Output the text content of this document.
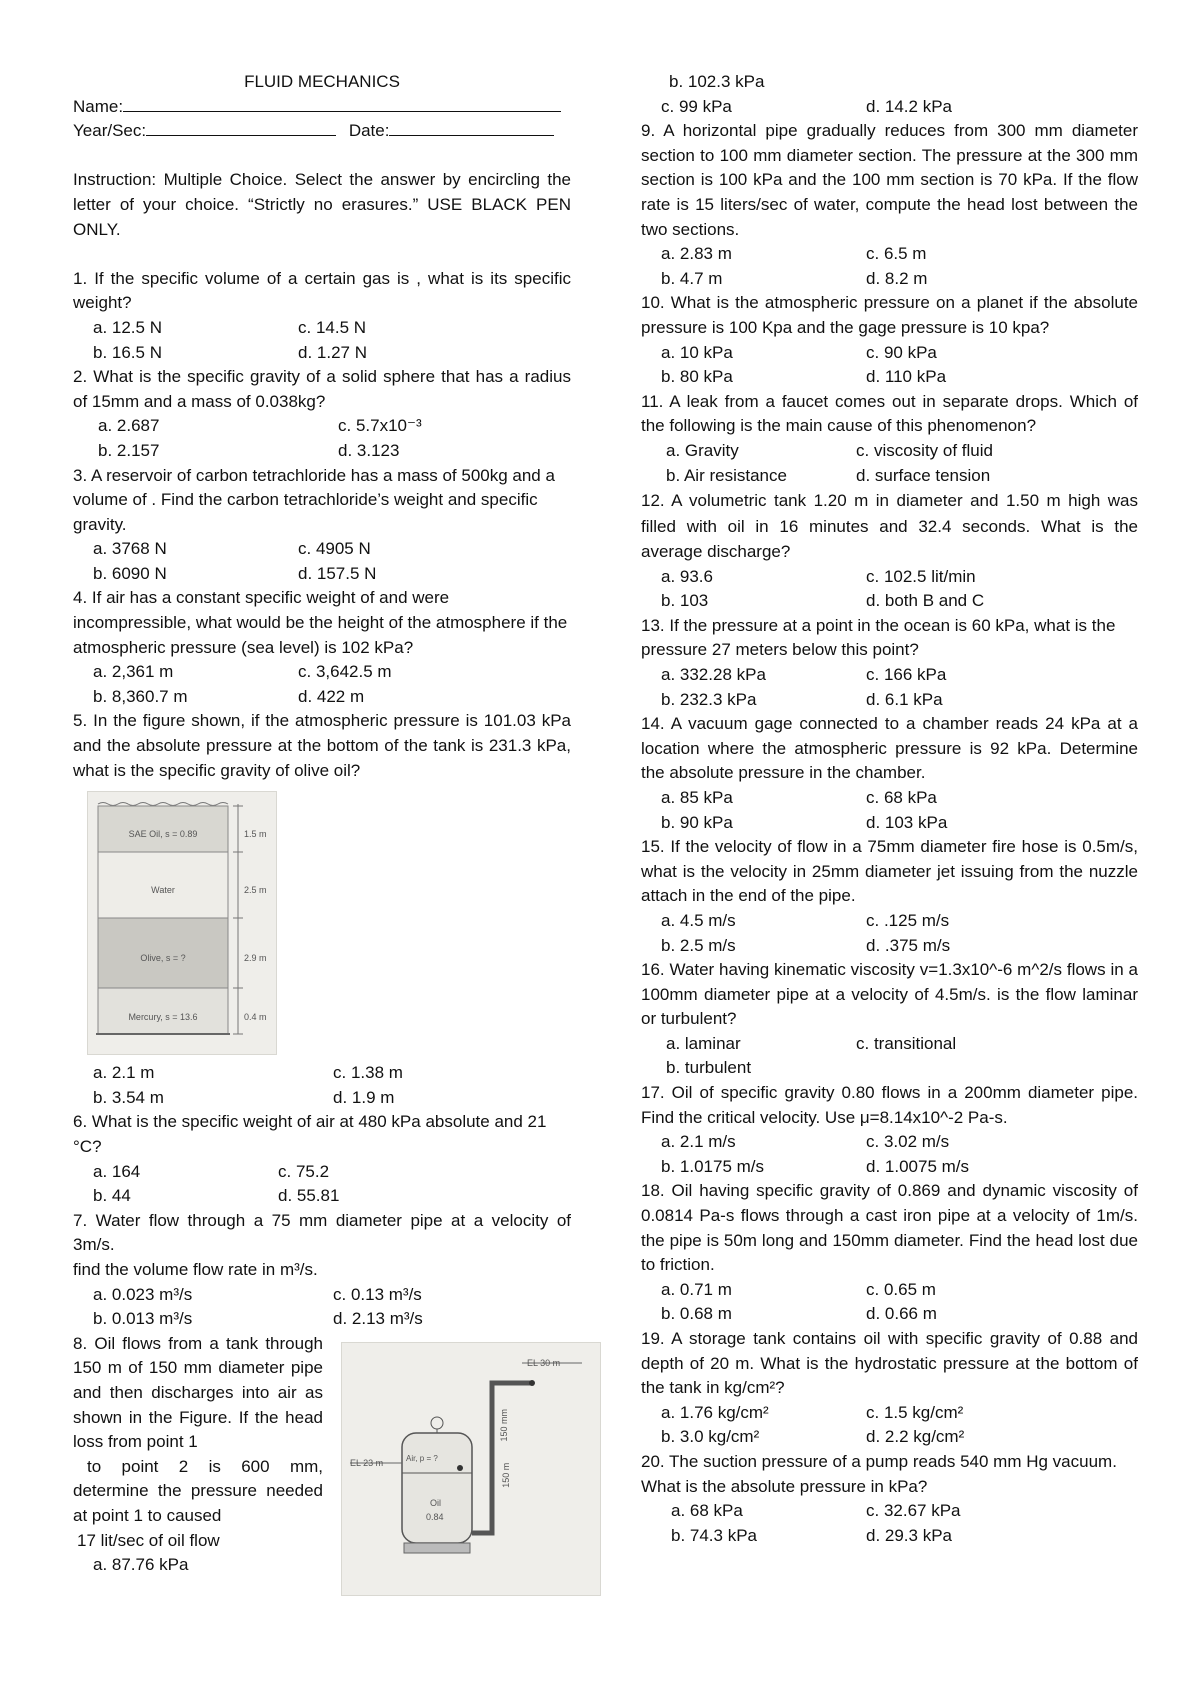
FLUID MECHANICS

Name:

Year/Sec:	Date:

Instruction: Multiple Choice. Select the answer by encircling the letter of your choice. “Strictly no erasures.” USE BLACK PEN ONLY.

1. If the specific volume of a certain gas is , what is its specific weight?

a. 12.5 N	c. 14.5 N
b. 16.5 N	d. 1.27 N

2. What is the specific gravity of a solid sphere that has a radius of 15mm and a mass of 0.038kg?

a. 2.687	c. 5.7x10⁻³
b. 2.157	d. 3.123

3. A reservoir of carbon tetrachloride has a mass of 500kg and a volume of . Find the carbon tetrachloride’s weight and specific gravity.

a. 3768 N	c. 4905 N
b. 6090 N	d. 157.5 N

4. If air has a constant specific weight of and were incompressible, what would be the height of the atmosphere if the atmospheric pressure (sea level) is 102 kPa?

a. 2,361 m	c. 3,642.5 m
b. 8,360.7 m	d. 422 m

5. In the figure shown, if the atmospheric pressure is 101.03 kPa and the absolute pressure at the bottom of the tank is 231.3 kPa, what is the specific gravity of olive oil?

SAE Oil, s = 0.89
Water
Olive, s = ?
Mercury, s = 13.6
1.5 m
2.5 m
2.9 m
0.4 m
a. 2.1 m	c. 1.38 m
b. 3.54 m	d. 1.9 m

6. What is the specific weight of air at 480 kPa absolute and 21 °C?

a. 164	c. 75.2
b. 44	d. 55.81

7. Water flow through a 75 mm diameter pipe at a velocity of 3m/s.

find the volume flow rate in m³/s.

a. 0.023 m³/s	c. 0.13 m³/s
b. 0.013 m³/s	d. 2.13 m³/s

8. Oil flows from a tank through 150 m of 150 mm diameter pipe and then discharges into air as shown in the Figure. If the head loss from point 1

to point 2 is 600 mm, determine the pressure needed at point 1 to caused

17 lit/sec of oil flow

a. 87.76 kPa

EL 30 m
EL 23 m	Air, p = ?
Oil
0.84
150 m
150 mm

b. 102.3 kPa

c. 99 kPa	d. 14.2 kPa

9. A horizontal pipe gradually reduces from 300 mm diameter section to 100 mm diameter section. The pressure at the 300 mm section is 100 kPa and the 100 mm section is 70 kPa. If the flow rate is 15 liters/sec of water, compute the head lost between the two sections.

a. 2.83 m	c. 6.5 m
b. 4.7 m	d. 8.2 m

10. What is the atmospheric pressure on a planet if the absolute pressure is 100 Kpa and the gage pressure is 10 kpa?

a. 10 kPa	c. 90 kPa
b. 80 kPa	d. 110 kPa

11. A leak from a faucet comes out in separate drops. Which of the following is the main cause of this phenomenon?

a. Gravity	c. viscosity of fluid
b. Air resistance	d. surface tension

12. A volumetric tank 1.20 m in diameter and 1.50 m high was filled with oil in 16 minutes and 32.4 seconds. What is the average discharge?

a. 93.6	c. 102.5 lit/min
b. 103	d. both B and C

13. If the pressure at a point in the ocean is 60 kPa, what is the pressure 27 meters below this point?

a. 332.28 kPa	c. 166 kPa
b. 232.3 kPa	d. 6.1 kPa

14. A vacuum gage connected to a chamber reads 24 kPa at a location where the atmospheric pressure is 92 kPa. Determine the absolute pressure in the chamber.

a. 85 kPa	c. 68 kPa
b. 90 kPa	d. 103 kPa

15. If the velocity of flow in a 75mm diameter fire hose is 0.5m/s, what is the velocity in 25mm diameter jet issuing from the nuzzle attach in the end of the pipe.

a. 4.5 m/s	c. .125 m/s
b. 2.5 m/s	d. .375 m/s

16. Water having kinematic viscosity v=1.3x10^-6 m^2/s flows in a 100mm diameter pipe at a velocity of 4.5m/s. is the flow laminar or turbulent?

a. laminar	c. transitional
b. turbulent

17. Oil of specific gravity 0.80 flows in a 200mm diameter pipe. Find the critical velocity. Use μ=8.14x10^-2 Pa-s.

a. 2.1 m/s	c. 3.02 m/s
b. 1.0175 m/s	d. 1.0075 m/s

18. Oil having specific gravity of 0.869 and dynamic viscosity of 0.0814 Pa-s flows through a cast iron pipe at a velocity of 1m/s. the pipe is 50m long and 150mm diameter. Find the head lost due to friction.

a. 0.71 m	c. 0.65 m
b. 0.68 m	d. 0.66 m

19. A storage tank contains oil with specific gravity of 0.88 and depth of 20 m. What is the hydrostatic pressure at the bottom of the tank in kg/cm²?

a. 1.76 kg/cm²	c. 1.5 kg/cm²
b. 3.0 kg/cm²	d. 2.2 kg/cm²

20. The suction pressure of a pump reads 540 mm Hg vacuum. What is the absolute pressure in kPa?

a. 68 kPa	c. 32.67 kPa
b. 74.3 kPa	d. 29.3 kPa
